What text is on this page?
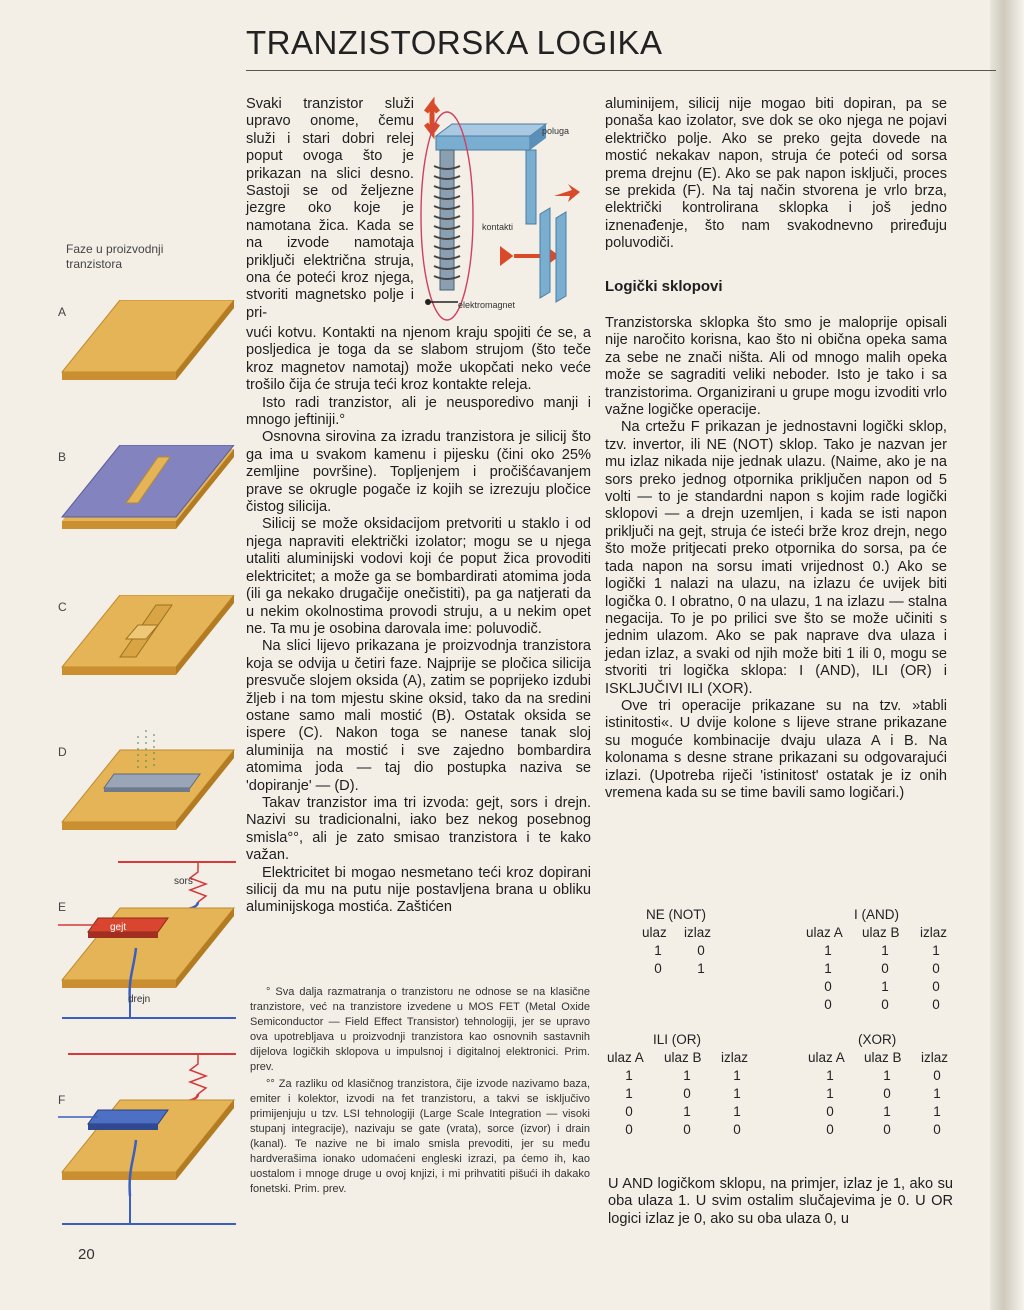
TRANZISTORSKA LOGIKA
Faze u proizvodnji tranzistora
A
B
C
D
E
F
sors
gejt
drejn
poluga
kontakti
elektromagnet

Svaki tranzistor služi upravo onome, čemu služi i stari dobri relej poput ovoga što je prikazan na slici desno. Sastoji se od željezne jezgre oko koje je namotana žica. Kada se na izvode namotaja priključi električna struja, ona će poteći kroz njega, stvoriti magnetsko polje i pri-

vući kotvu. Kontakti na njenom kraju spojiti će se, a posljedica je toga da se slabom strujom (što teče kroz magnetov namotaj) može ukopčati neko veće trošilo čija će struja teći kroz kontakte releja.

Isto radi tranzistor, ali je neusporedivo manji i mnogo jeftiniji.°

Osnovna sirovina za izradu tranzistora je silicij što ga ima u svakom kamenu i pijesku (čini oko 25% zemljine površine). Topljenjem i pročišćavanjem prave se okrugle pogače iz kojih se izrezuju pločice čistog silicija.

Silicij se može oksidacijom pretvoriti u staklo i od njega napraviti električki izolator; mogu se u njega utaliti aluminijski vodovi koji će poput žica provoditi elektricitet; a može ga se bombardirati atomima joda (ili ga nekako drugačije onečistiti), pa ga natjerati da u nekim okolnostima provodi struju, a u nekim opet ne. Ta mu je osobina darovala ime: poluvodič.

Na slici lijevo prikazana je proizvodnja tranzistora koja se odvija u četiri faze. Najprije se pločica silicija presvuče slojem oksida (A), zatim se poprijeko izdubi žljeb i na tom mjestu skine oksid, tako da na sredini ostane samo mali mostić (B). Ostatak oksida se ispere (C). Nakon toga se nanese tanak sloj aluminija na mostić i sve zajedno bombardira atomima joda — taj dio postupka naziva se 'dopiranje' — (D).

Takav tranzistor ima tri izvoda: gejt, sors i drejn. Nazivi su tradicionalni, iako bez nekog posebnog smisla°°, ali je zato smisao tranzistora i te kako važan.

Elektricitet bi mogao nesmetano teći kroz dopirani silicij da mu na putu nije postavljena brana u obliku aluminijskoga mostića. Zaštićen

° Sva dalja razmatranja o tranzistoru ne odnose se na klasične tranzistore, već na tranzistore izvedene u MOS FET (Metal Oxide Semiconductor — Field Effect Transistor) tehnologiji, jer se upravo ova upotrebljava u proizvodnji tranzistora kao osnovnih sastavnih dijelova logičkih sklopova u impulsnoj i digitalnoj elektronici. Prim. prev.

°° Za razliku od klasičnog tranzistora, čije izvode nazivamo baza, emiter i kolektor, izvodi na fet tranzistoru, a takvi se isključivo primijenjuju u tzv. LSI tehnologiji (Large Scale Integration — visoki stupanj integracije), nazivaju se gate (vrata), sorce (izvor) i drain (kanal). Te nazive ne bi imalo smisla prevoditi, jer su među hardverašima ionako udomaćeni engleski izrazi, pa ćemo ih, kao uostalom i mnoge druge u ovoj knjizi, i mi prihvatiti pišući ih dakako fonetski. Prim. prev.

aluminijem, silicij nije mogao biti dopiran, pa se ponaša kao izolator, sve dok se oko njega ne pojavi električko polje. Ako se preko gejta dovede na mostić nekakav napon, struja će poteći od sorsa prema drejnu (E). Ako se pak napon isključi, proces se prekida (F). Na taj način stvorena je vrlo brza, električki kontrolirana sklopka i još jedno iznenađenje, što nam svakodnevno priređuju poluvodiči.

Logički sklopovi

Tranzistorska sklopka što smo je maloprije opisali nije naročito korisna, kao što ni obična opeka sama za sebe ne znači ništa. Ali od mnogo malih opeka može se sagraditi veliki neboder. Isto je tako i sa tranzistorima. Organizirani u grupe mogu izvoditi vrlo važne logičke operacije.

Na crtežu F prikazan je jednostavni logički sklop, tzv. invertor, ili NE (NOT) sklop. Tako je nazvan jer mu izlaz nikada nije jednak ulazu. (Naime, ako je na sors preko jednog otpornika priključen napon od 5 volti — to je standardni napon s kojim rade logički sklopovi — a drejn uzemljen, i kada se isti napon priključi na gejt, struja će isteći brže kroz drejn, nego što može pritjecati preko otpornika do sorsa, pa će tada napon na sorsu imati vrijednost 0.) Ako se logički 1 nalazi na ulazu, na izlazu će uvijek biti logička 0. I obratno, 0 na ulazu, 1 na izlazu — stalna negacija. To je po prilici sve što se može učiniti s jednim ulazom. Ako se pak naprave dva ulaza i jedan izlaz, a svaki od njih može biti 1 ili 0, mogu se stvoriti tri logička sklopa: I (AND), ILI (OR) i ISKLJUČIVI ILI (XOR).

Ove tri operacije prikazane su na tzv. »tabli istinitosti«. U dvije kolone s lijeve strane prikazane su moguće kombinacije dvaju ulaza A i B. Na kolonama s desne strane prikazani su odgovarajući izlazi. (Upotreba riječi 'istinitost' ostatak je iz onih vremena kada su se time bavili samo logičari.)

NE (NOT)
ulaz izlaz
1	0
0	1
I (AND)
ulaz A ulaz B izlaz
1	1	1
1	0	0
0	1	0
0	0	0
ILI (OR)
ulaz A ulaz B izlaz
1	1	1
1	0	1
0	1	1
0	0	0
(XOR)
ulaz A ulaz B izlaz
1	1	0
1	0	1
0	1	1
0	0	0
U AND logičkom sklopu, na primjer, izlaz je 1, ako su oba ulaza 1. U svim ostalim slučajevima je 0. U OR logici izlaz je 0, ako su oba ulaza 0, u
20
